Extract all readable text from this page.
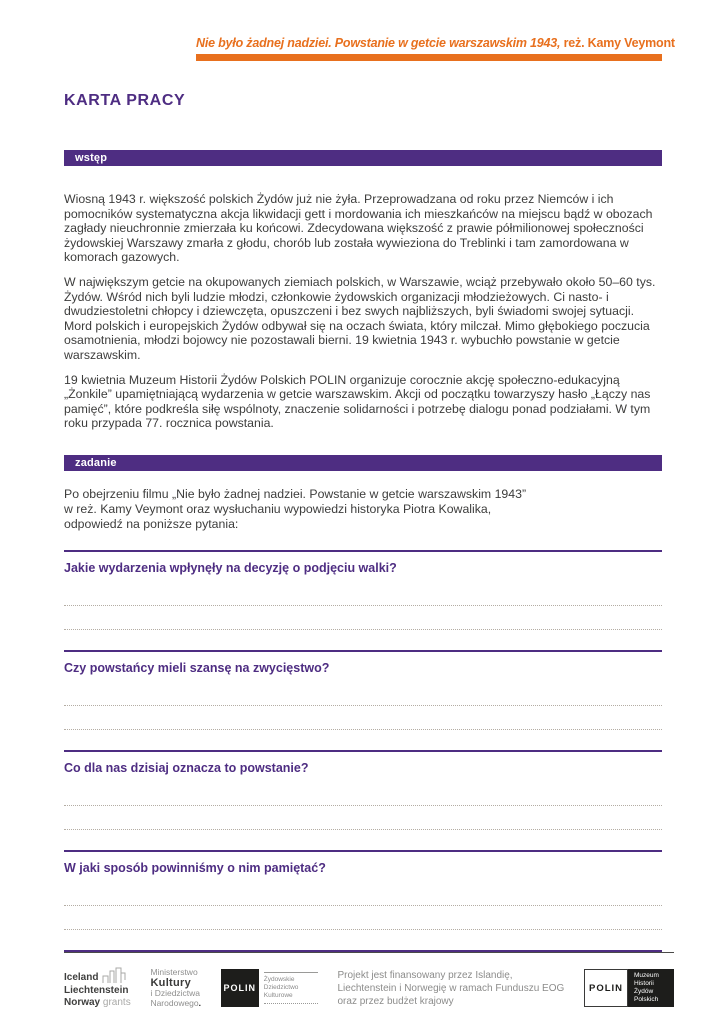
Nie było żadnej nadziei. Powstanie w getcie warszawskim 1943, reż. Kamy Veymont
KARTA PRACY
wstęp

Wiosną 1943 r. większość polskich Żydów już nie żyła. Przeprowadzana od roku przez Niemców i ich pomocników systematyczna akcja likwidacji gett i mordowania ich mieszkańców na miejscu bądź w obozach zagłady nieuchronnie zmierzała ku końcowi. Zdecydowana większość z prawie półmilionowej społeczności żydowskiej Warszawy zmarła z głodu, chorób lub została wywieziona do Treblinki i tam zamordowana w komorach gazowych.

W największym getcie na okupowanych ziemiach polskich, w Warszawie, wciąż przebywało około 50–60 tys. Żydów. Wśród nich byli ludzie młodzi, członkowie żydowskich organizacji młodzieżowych. Ci nasto- i dwudziestoletni chłopcy i dziewczęta, opuszczeni i bez swych najbliższych, byli świadomi swojej sytuacji. Mord polskich i europejskich Żydów odbywał się na oczach świata, który milczał. Mimo głębokiego poczucia osamotnienia, młodzi bojowcy nie pozostawali bierni. 19 kwietnia 1943 r. wybuchło powstanie w getcie warszawskim.

19 kwietnia Muzeum Historii Żydów Polskich POLIN organizuje corocznie akcję społeczno-edukacyjną „Żonkile” upamiętniającą wydarzenia w getcie warszawskim. Akcji od początku towarzyszy hasło „Łączy nas pamięć”, które podkreśla siłę wspólnoty, znaczenie solidarności i potrzebę dialogu ponad podziałami. W tym roku przypada 77. rocznica powstania.

zadanie
Po obejrzeniu filmu „Nie było żadnej nadziei. Powstanie w getcie warszawskim 1943”
w reż. Kamy Veymont oraz wysłuchaniu wypowiedzi historyka Piotra Kowalika,
odpowiedź na poniższe pytania:
Jakie wydarzenia wpłynęły na decyzję o podjęciu walki?
Czy powstańcy mieli szansę na zwycięstwo?
Co dla nas dzisiaj oznacza to powstanie?
W jaki sposób powinniśmy o nim pamiętać?
Iceland
Liechtenstein
Norway grants
Ministerstwo
Kultury
i Dziedzictwa
Narodowego.
POLIN
Żydowskie
Dziedzictwo
Kulturowe
Projekt jest finansowany przez Islandię,
Liechtenstein i Norwegię w ramach Funduszu EOG
oraz przez budżet krajowy
POLIN
Muzeum
Historii
Żydów
Polskich
